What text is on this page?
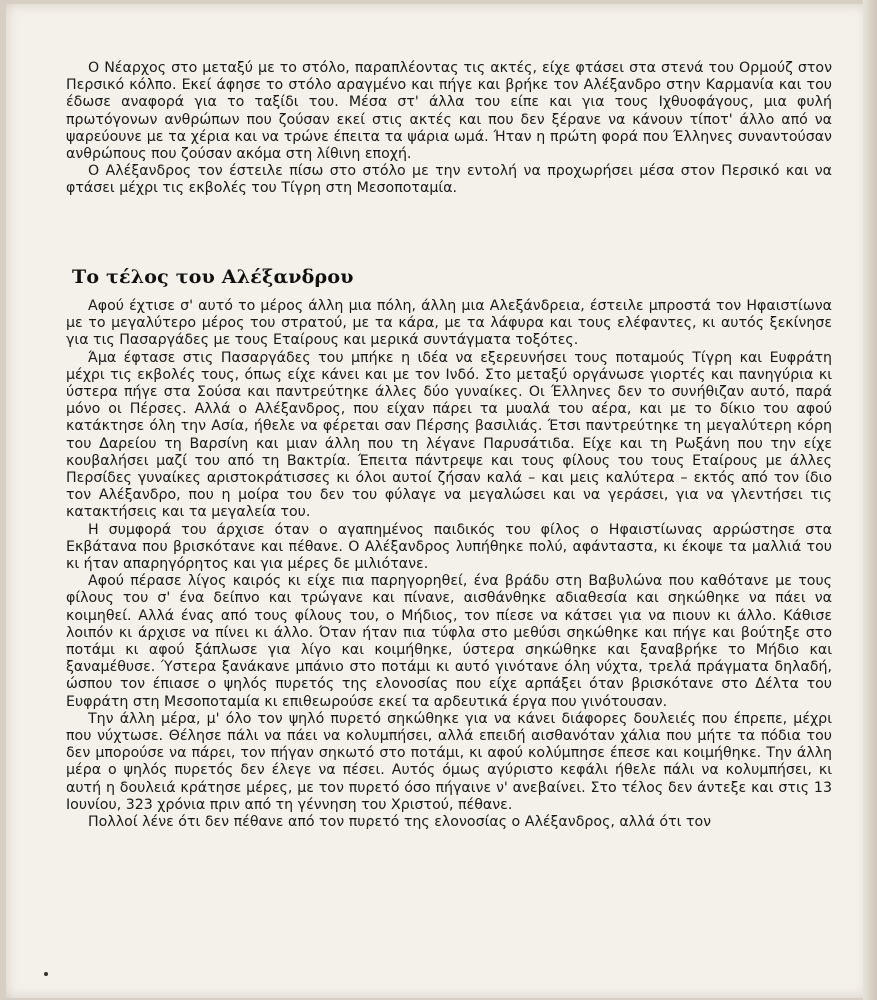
Ο Νέαρχος στο μεταξύ με το στόλο, παραπλέοντας τις ακτές, είχε φτάσει στα στενά του Ορμούζ στον Περσικό κόλπο. Εκεί άφησε το στόλο αραγμένο και πήγε και βρήκε τον Αλέξανδρο στην Καρμανία και του έδωσε αναφορά για το ταξίδι του. Μέσα στ' άλλα του είπε και για τους Ιχθυοφάγους, μια φυλή πρωτόγονων ανθρώπων που ζούσαν εκεί στις ακτές και που δεν ξέρανε να κάνουν τίποτ' άλλο από να ψαρεύουνε με τα χέρια και να τρώνε έπειτα τα ψάρια ωμά. Ήταν η πρώτη φορά που Έλληνες συναντούσαν ανθρώπους που ζούσαν ακόμα στη λίθινη εποχή.

Ο Αλέξανδρος τον έστειλε πίσω στο στόλο με την εντολή να προχωρήσει μέσα στον Περσικό και να φτάσει μέχρι τις εκβολές του Τίγρη στη Μεσοποταμία.

Το τέλος του Αλέξανδρου

Αφού έχτισε σ' αυτό το μέρος άλλη μια πόλη, άλλη μια Αλεξάνδρεια, έστειλε μπροστά τον Ηφαιστίωνα με το μεγαλύτερο μέρος του στρατού, με τα κάρα, με τα λάφυρα και τους ελέφαντες, κι αυτός ξεκίνησε για τις Πασαργάδες με τους Εταίρους και μερικά συντάγματα τοξότες.

Άμα έφτασε στις Πασαργάδες του μπήκε η ιδέα να εξερευνήσει τους ποταμούς Τίγρη και Ευφράτη μέχρι τις εκβολές τους, όπως είχε κάνει και με τον Ινδό. Στο μεταξύ οργάνωσε γιορτές και πανηγύρια κι ύστερα πήγε στα Σούσα και παντρεύτηκε άλλες δύο γυναίκες. Οι Έλληνες δεν το συνήθιζαν αυτό, παρά μόνο οι Πέρσες. Αλλά ο Αλέξανδρος, που είχαν πάρει τα μυαλά του αέρα, και με το δίκιο του αφού κατάκτησε όλη την Ασία, ήθελε να φέρεται σαν Πέρσης βασιλιάς. Έτσι παντρεύτηκε τη μεγαλύτερη κόρη του Δαρείου τη Βαρσίνη και μιαν άλλη που τη λέγανε Παρυσάτιδα. Είχε και τη Ρωξάνη που την είχε κουβαλήσει μαζί του από τη Βακτρία. Έπειτα πάντρεψε και τους φίλους του τους Εταίρους με άλλες Περσίδες γυναίκες αριστοκράτισσες κι όλοι αυτοί ζήσαν καλά – και μεις καλύτερα – εκτός από τον ίδιο τον Αλέξανδρο, που η μοίρα του δεν του φύλαγε να μεγαλώσει και να γεράσει, για να γλεντήσει τις κατακτήσεις και τα μεγαλεία του.

Η συμφορά του άρχισε όταν ο αγαπημένος παιδικός του φίλος ο Ηφαιστίωνας αρρώστησε στα Εκβάτανα που βρισκότανε και πέθανε. Ο Αλέξανδρος λυπήθηκε πολύ, αφάνταστα, κι έκοψε τα μαλλιά του κι ήταν απαρηγόρητος και για μέρες δε μιλιότανε.

Αφού πέρασε λίγος καιρός κι είχε πια παρηγορηθεί, ένα βράδυ στη Βαβυλώνα που καθότανε με τους φίλους του σ' ένα δείπνο και τρώγανε και πίνανε, αισθάνθηκε αδιαθεσία και σηκώθηκε να πάει να κοιμηθεί. Αλλά ένας από τους φίλους του, ο Μήδιος, τον πίεσε να κάτσει για να πιουν κι άλλο. Κάθισε λοιπόν κι άρχισε να πίνει κι άλλο. Όταν ήταν πια τύφλα στο μεθύσι σηκώθηκε και πήγε και βούτηξε στο ποτάμι κι αφού ξάπλωσε για λίγο και κοιμήθηκε, ύστερα σηκώθηκε και ξαναβρήκε το Μήδιο και ξαναμέθυσε. Ύστερα ξανάκανε μπάνιο στο ποτάμι κι αυτό γινότανε όλη νύχτα, τρελά πράγματα δηλαδή, ώσπου τον έπιασε ο ψηλός πυρετός της ελονοσίας που είχε αρπάξει όταν βρισκότανε στο Δέλτα του Ευφράτη στη Μεσοποταμία κι επιθεωρούσε εκεί τα αρδευτικά έργα που γινότουσαν.

Την άλλη μέρα, μ' όλο τον ψηλό πυρετό σηκώθηκε για να κάνει διάφορες δουλειές που έπρεπε, μέχρι που νύχτωσε. Θέλησε πάλι να πάει να κολυμπήσει, αλλά επειδή αισθανόταν χάλια που μήτε τα πόδια του δεν μπορούσε να πάρει, τον πήγαν σηκωτό στο ποτάμι, κι αφού κολύμπησε έπεσε και κοιμήθηκε. Την άλλη μέρα ο ψηλός πυρετός δεν έλεγε να πέσει. Αυτός όμως αγύριστο κεφάλι ήθελε πάλι να κολυμπήσει, κι αυτή η δουλειά κράτησε μέρες, με τον πυρετό όσο πήγαινε ν' ανεβαίνει. Στο τέλος δεν άντεξε και στις 13 Ιουνίου, 323 χρόνια πριν από τη γέννηση του Χριστού, πέθανε.

Πολλοί λένε ότι δεν πέθανε από τον πυρετό της ελονοσίας ο Αλέξανδρος, αλλά ότι τον
